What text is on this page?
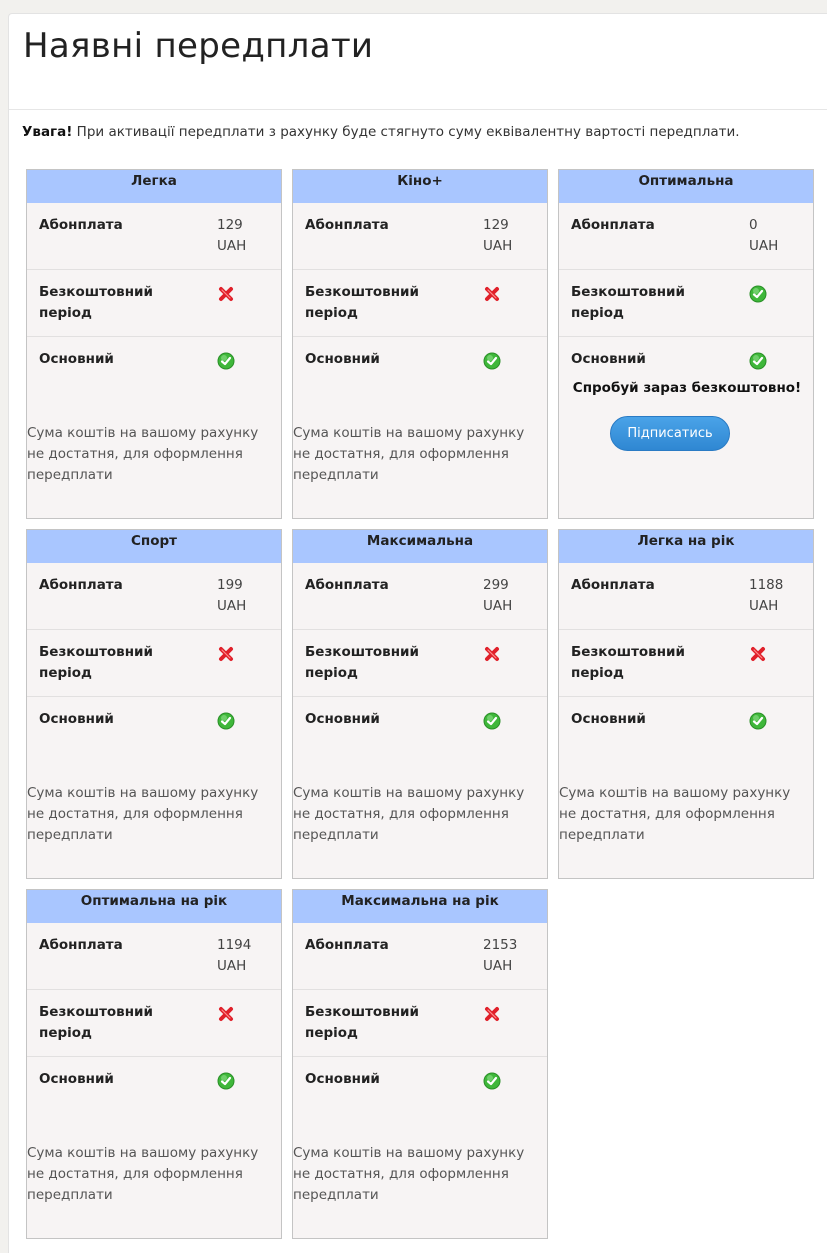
Наявні передплати
Увага! При активації передплати з рахунку буде стягнуто суму еквівалентну вартості передплати.
Легка
Абонплата	129
UAH
Безкоштовний період
Основний
Сума коштів на вашому рахунку не достатня, для оформлення передплати
Кіно+
Абонплата	129
UAH
Безкоштовний період
Основний
Сума коштів на вашому рахунку не достатня, для оформлення передплати
Оптимальна
Абонплата	0
UAH
Безкоштовний період
Основний
Спробуй зараз безкоштовно!
Підписатись
Спорт
Абонплата	199
UAH
Безкоштовний період
Основний
Сума коштів на вашому рахунку не достатня, для оформлення передплати
Максимальна
Абонплата	299
UAH
Безкоштовний період
Основний
Сума коштів на вашому рахунку не достатня, для оформлення передплати
Легка на рік
Абонплата	1188
UAH
Безкоштовний період
Основний
Сума коштів на вашому рахунку не достатня, для оформлення передплати
Оптимальна на рік
Абонплата	1194
UAH
Безкоштовний період
Основний
Сума коштів на вашому рахунку не достатня, для оформлення передплати
Максимальна на рік
Абонплата	2153
UAH
Безкоштовний період
Основний
Сума коштів на вашому рахунку не достатня, для оформлення передплати
